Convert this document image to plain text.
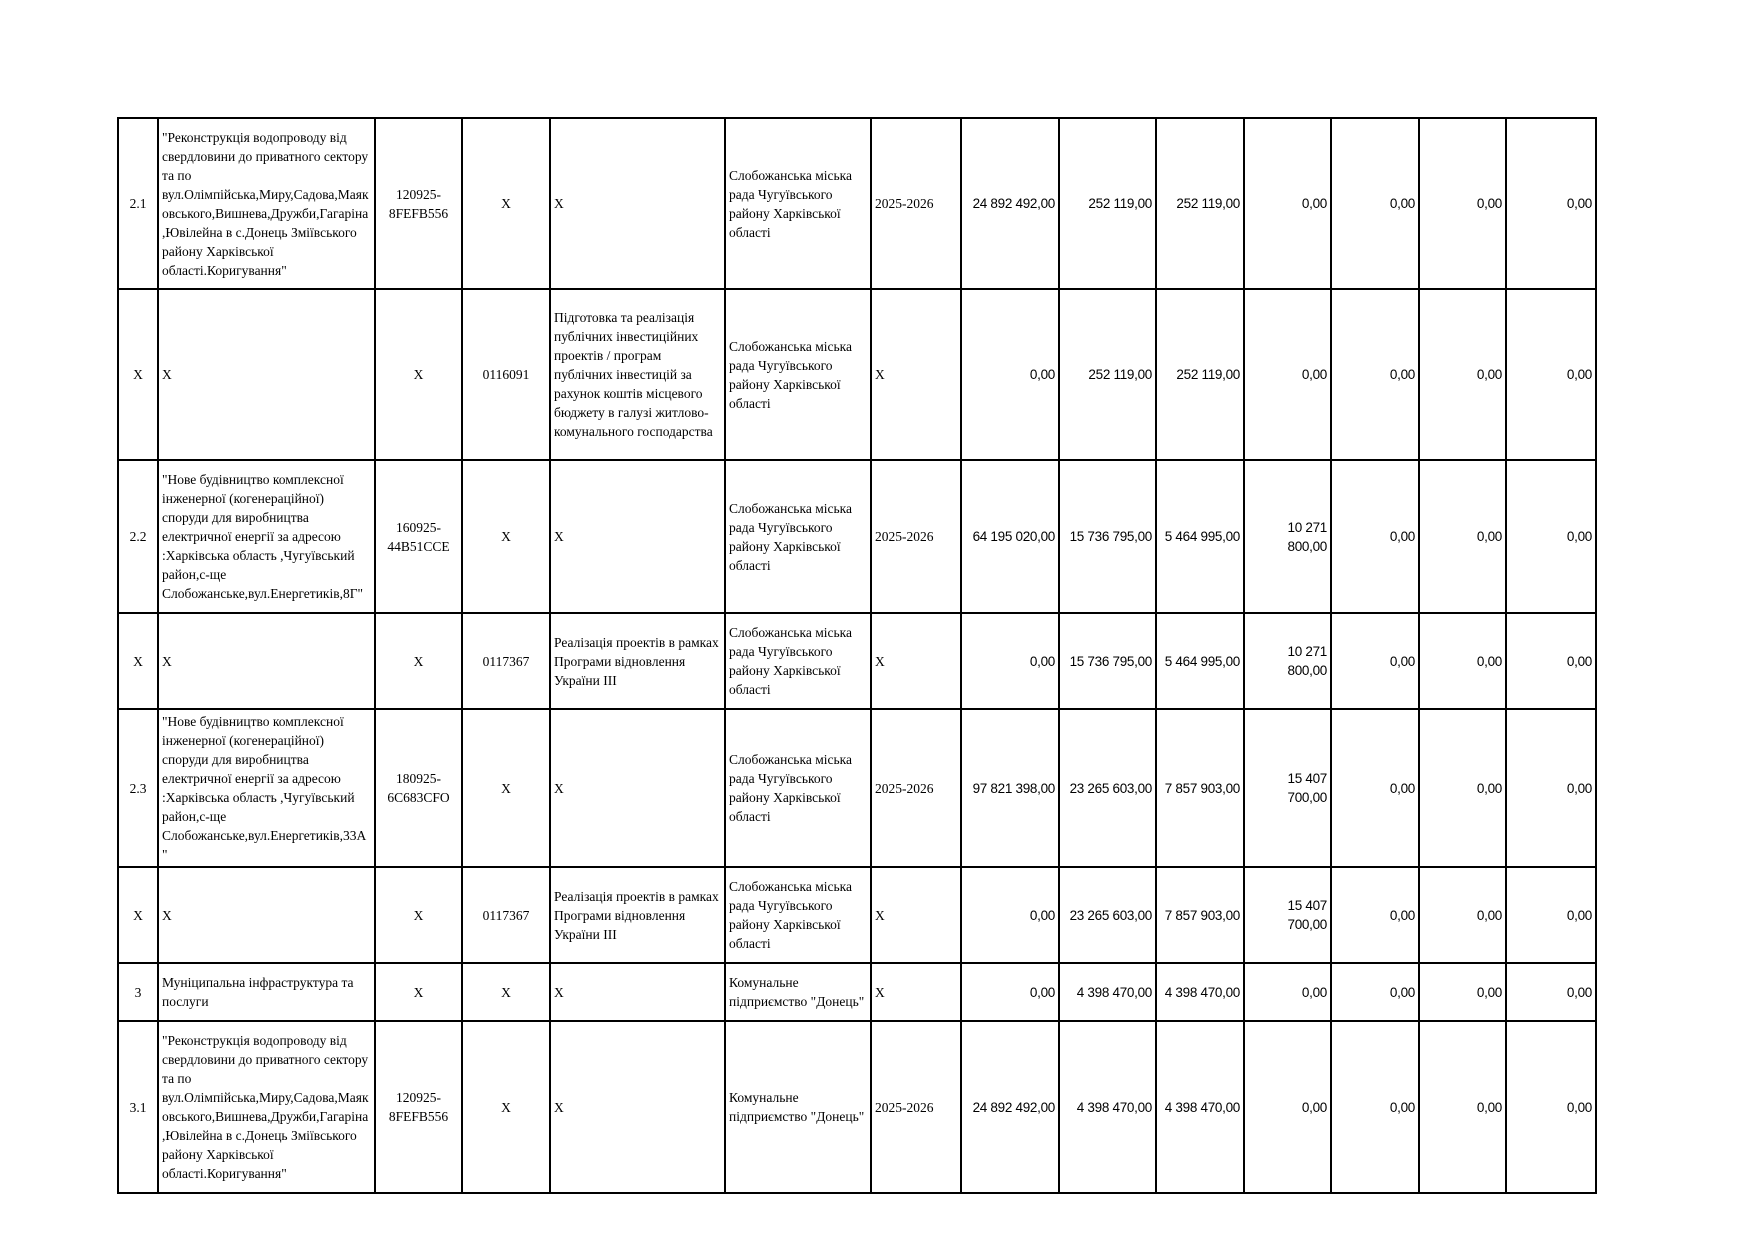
2.1	"Реконструкція водопроводу від свердловини до приватного сектору та по вул.Олімпійська,Миру,Садова,Маяковського,Вишнева,Дружби,Гагаріна,Ювілейна в с.Донець Зміївського району Харківської області.Коригування"	120925-8FEFB556	Х	Х	Слобожанська міська рада Чугуївського району Харківської області	2025-2026	24 892 492,00	252 119,00	252 119,00	0,00	0,00	0,00	0,00
Х	Х	Х	0116091	Підготовка та реалізація публічних інвестиційних проектів / програм публічних інвестицій за рахунок коштів місцевого бюджету в галузі житлово-комунального господарства	Слобожанська міська рада Чугуївського району Харківської області	Х	0,00	252 119,00	252 119,00	0,00	0,00	0,00	0,00
2.2	"Нове будівництво комплексної інженерної (когенераційної) споруди для виробництва електричної енергії за адресою :Харківська область ,Чугуївський район,с-ще Слобожанське,вул.Енергетиків,8Г"	160925-44B51CCE	Х	Х	Слобожанська міська рада Чугуївського району Харківської області	2025-2026	64 195 020,00	15 736 795,00	5 464 995,00	10 271 800,00	0,00	0,00	0,00
Х	Х	Х	0117367	Реалізація проектів в рамках Програми відновлення України ІІІ	Слобожанська міська рада Чугуївського району Харківської області	Х	0,00	15 736 795,00	5 464 995,00	10 271 800,00	0,00	0,00	0,00
2.3	"Нове будівництво комплексної інженерної (когенераційної) споруди для виробництва електричної енергії за адресою :Харківська область ,Чугуївський район,с-ще Слобожанське,вул.Енергетиків,33А"	180925-6C683CFO	Х	Х	Слобожанська міська рада Чугуївського району Харківської області	2025-2026	97 821 398,00	23 265 603,00	7 857 903,00	15 407 700,00	0,00	0,00	0,00
Х	Х	Х	0117367	Реалізація проектів в рамках Програми відновлення України ІІІ	Слобожанська міська рада Чугуївського району Харківської області	Х	0,00	23 265 603,00	7 857 903,00	15 407 700,00	0,00	0,00	0,00
3	Муніципальна інфраструктура та послуги	Х	Х	Х	Комунальне підприємство "Донець"	Х	0,00	4 398 470,00	4 398 470,00	0,00	0,00	0,00	0,00
3.1	"Реконструкція водопроводу від свердловини до приватного сектору та по вул.Олімпійська,Миру,Садова,Маяковського,Вишнева,Дружби,Гагаріна,Ювілейна в с.Донець Зміївського району Харківської області.Коригування"	120925-8FEFB556	Х	Х	Комунальне підприємство "Донець"	2025-2026	24 892 492,00	4 398 470,00	4 398 470,00	0,00	0,00	0,00	0,00
